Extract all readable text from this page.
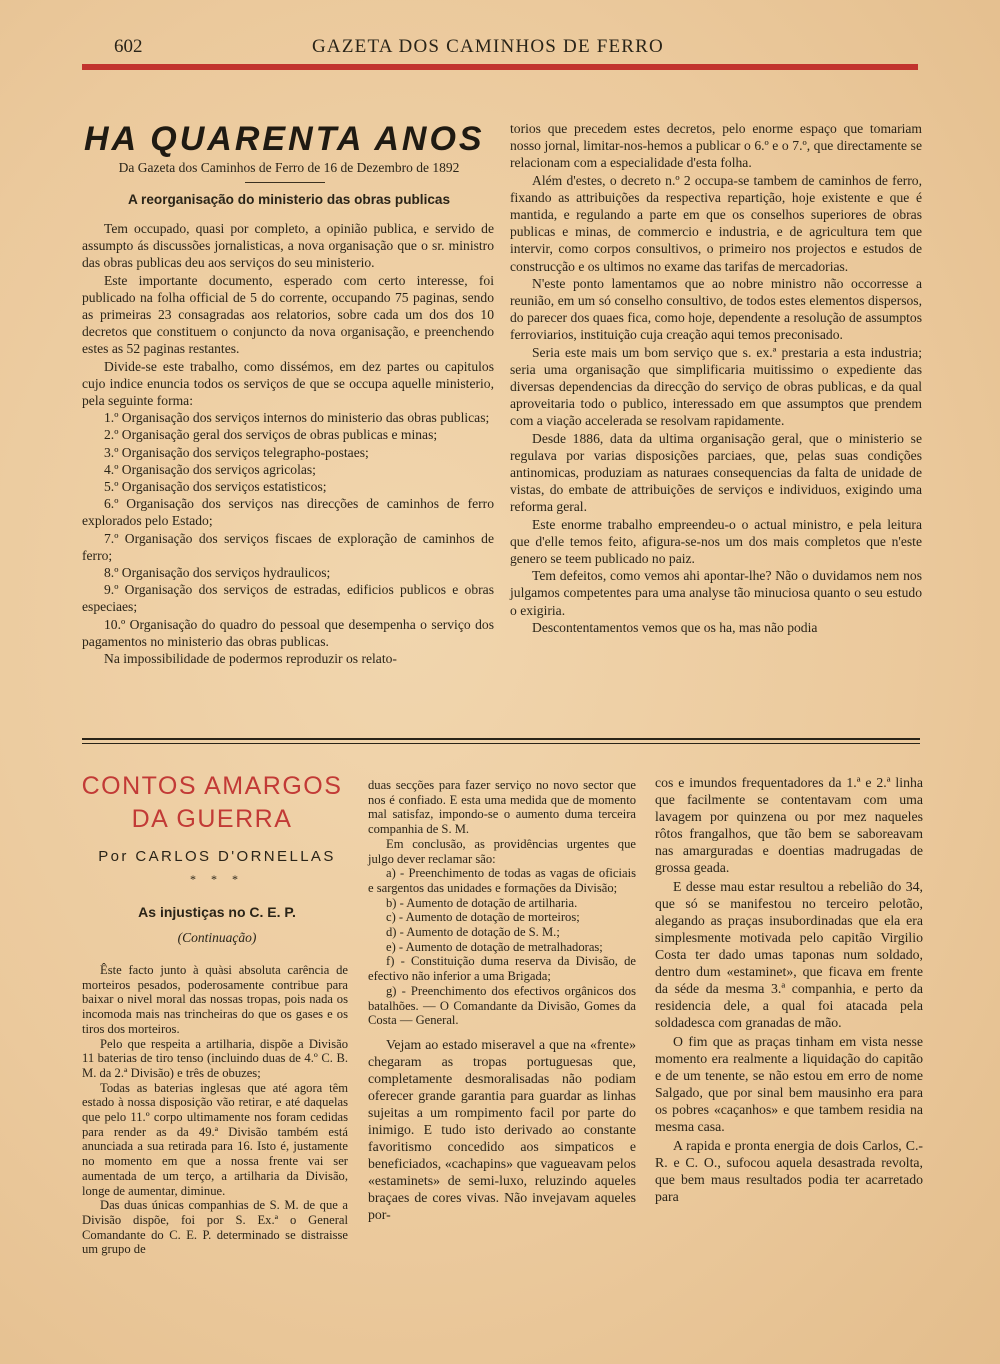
602	GAZETA DOS CAMINHOS DE FERRO
HA QUARENTA ANOS
Da Gazeta dos Caminhos de Ferro de 16 de Dezembro de 1892
A reorganisação do ministerio das obras publicas

Tem occupado, quasi por completo, a opinião publica, e servido de assumpto ás discussões jornalisticas, a nova organisação que o sr. ministro das obras publicas deu aos serviços do seu ministerio.

Este importante documento, esperado com certo interesse, foi publicado na folha official de 5 do corrente, occupando 75 paginas, sendo as primeiras 23 consagradas aos relatorios, sobre cada um dos dos 10 decretos que constituem o conjuncto da nova organisação, e preenchendo estes as 52 paginas restantes.

Divide-se este trabalho, como dissémos, em dez partes ou capitulos cujo indice enuncia todos os serviços de que se occupa aquelle ministerio, pela seguinte forma:

1.º Organisação dos serviços internos do ministerio das obras publicas;

2.º Organisação geral dos serviços de obras publicas e minas;

3.º Organisação dos serviços telegrapho-postaes;

4.º Organisação dos serviços agricolas;

5.º Organisação dos serviços estatisticos;

6.º Organisação dos serviços nas direcções de caminhos de ferro explorados pelo Estado;

7.º Organisação dos serviços fiscaes de exploração de caminhos de ferro;

8.º Organisação dos serviços hydraulicos;

9.º Organisação dos serviços de estradas, edificios publicos e obras especiaes;

10.º Organisação do quadro do pessoal que desempenha o serviço dos pagamentos no ministerio das obras publicas.

Na impossibilidade de podermos reproduzir os relato-

torios que precedem estes decretos, pelo enorme espaço que tomariam nosso jornal, limitar-nos-hemos a publicar o 6.º e o 7.º, que directamente se relacionam com a especialidade d'esta folha.

Além d'estes, o decreto n.º 2 occupa-se tambem de caminhos de ferro, fixando as attribuições da respectiva repartição, hoje existente e que é mantida, e regulando a parte em que os conselhos superiores de obras publicas e minas, de commercio e industria, e de agricultura tem que intervir, como corpos consultivos, o primeiro nos projectos e estudos de construcção e os ultimos no exame das tarifas de mercadorias.

N'este ponto lamentamos que ao nobre ministro não occorresse a reunião, em um só conselho consultivo, de todos estes elementos dispersos, do parecer dos quaes fica, como hoje, dependente a resolução de assumptos ferroviarios, instituição cuja creação aqui temos preconisado.

Seria este mais um bom serviço que s. ex.ª prestaria a esta industria; seria uma organisação que simplificaria muitissimo o expediente das diversas dependencias da direcção do serviço de obras publicas, e da qual aproveitaria todo o publico, interessado em que assumptos que prendem com a viação accelerada se resolvam rapidamente.

Desde 1886, data da ultima organisação geral, que o ministerio se regulava por varias disposições parciaes, que, pelas suas condições antinomicas, produziam as naturaes consequencias da falta de unidade de vistas, do embate de attribuições de serviços e individuos, exigindo uma reforma geral.

Este enorme trabalho empreendeu-o o actual ministro, e pela leitura que d'elle temos feito, afigura-se-nos um dos mais completos que n'este genero se teem publicado no paiz.

Tem defeitos, como vemos ahi apontar-lhe? Não o duvidamos nem nos julgamos competentes para uma analyse tão minuciosa quanto o seu estudo o exigiria.

Descontentamentos vemos que os ha, mas não podia

CONTOS AMARGOS
DA GUERRA
Por CARLOS D'ORNELLAS
* * *
As injustiças no C. E. P.
(Continuação)

Êste facto junto à quàsi absoluta carência de morteiros pesados, poderosamente contribue para baixar o nivel moral das nossas tropas, pois nada os incomoda mais nas trincheiras do que os gases e os tiros dos morteiros.

Pelo que respeita a artilharia, dispõe a Divisão 11 baterias de tiro tenso (incluindo duas de 4.º C. B. M. da 2.ª Divisão) e três de obuzes;

Todas as baterias inglesas que até agora têm estado à nossa disposição vão retirar, e até daquelas que pelo 11.º corpo ultimamente nos foram cedidas para render as da 49.ª Divisão também está anunciada a sua retirada para 16. Isto é, justamente no momento em que a nossa frente vai ser aumentada de um terço, a artilharia da Divisão, longe de aumentar, diminue.

Das duas únicas companhias de S. M. de que a Divisão dispõe, foi por S. Ex.ª o General Comandante do C. E. P. determinado se distraisse um grupo de

duas secções para fazer serviço no novo sector que nos é confiado. E esta uma medida que de momento mal satisfaz, impondo-se o aumento duma terceira companhia de S. M.

Em conclusão, as providências urgentes que julgo dever reclamar são:

a) - Preenchimento de todas as vagas de oficiais e sargentos das unidades e formações da Divisão;

b) - Aumento de dotação de artilharia.

c) - Aumento de dotação de morteiros;

d) - Aumento de dotação de S. M.;

e) - Aumento de dotação de metralhadoras;

f) - Constituição duma reserva da Divisão, de efectivo não inferior a uma Brigada;

g) - Preenchimento dos efectivos orgânicos dos batalhões. — O Comandante da Divisão, Gomes da Costa — General.

Vejam ao estado miseravel a que na «frente» chegaram as tropas portuguesas que, completamente desmoralisadas não podiam oferecer grande garantia para guardar as linhas sujeitas a um rompimento facil por parte do inimigo. E tudo isto derivado ao constante favoritismo concedido aos simpaticos e beneficiados, «cachapins» que vagueavam pelos «estaminets» de semi-luxo, reluzindo aqueles braçaes de cores vivas. Não invejavam aqueles por-

cos e imundos frequentadores da 1.ª e 2.ª linha que facilmente se contentavam com uma lavagem por quinzena ou por mez naqueles rôtos frangalhos, que tão bem se saboreavam nas amarguradas e doentias madrugadas de grossa geada.

E desse mau estar resultou a rebelião do 34, que só se manifestou no terceiro pelotão, alegando as praças insubordinadas que ela era simplesmente motivada pelo capitão Virgilio Costa ter dado umas taponas num soldado, dentro dum «estaminet», que ficava em frente da séde da mesma 3.ª companhia, e perto da residencia dele, a qual foi atacada pela soldadesca com granadas de mão.

O fim que as praças tinham em vista nesse momento era realmente a liquidação do capitão e de um tenente, se não estou em erro de nome Salgado, que por sinal bem mausinho era para os pobres «caçanhos» e que tambem residia na mesma casa.

A rapida e pronta energia de dois Carlos, C.-R. e C. O., sufocou aquela desastrada revolta, que bem maus resultados podia ter acarretado para
